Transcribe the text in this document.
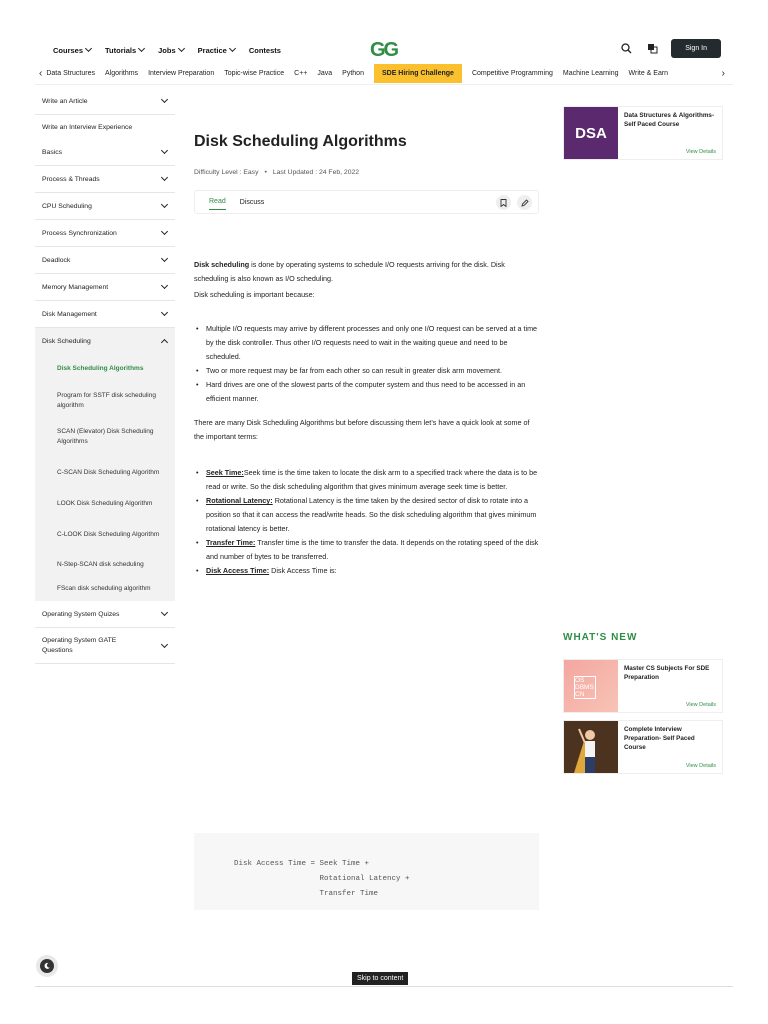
Courses	Tutorials	Jobs	Practice	Contests	GG	Sign In
‹ Data Structures Algorithms Interview Preparation Topic-wise Practice C++ Java Python	SDE Hiring Challenge	Competitive Programming Machine Learning Write & Earn	›
Write an Article
Write an Interview Experience
Basics
Process & Threads
CPU Scheduling
Process Synchronization
Deadlock
Memory Management
Disk Management
Disk Scheduling
Disk Scheduling Algorithms
Program for SSTF disk scheduling algorithm
SCAN (Elevator) Disk Scheduling Algorithms
C-SCAN Disk Scheduling Algorithm
LOOK Disk Scheduling Algorithm
C-LOOK Disk Scheduling Algorithm
N-Step-SCAN disk scheduling
FScan disk scheduling algorithm
Operating System Quizes
Operating System GATE Questions
Disk Scheduling Algorithms
Difficulty Level : Easy • Last Updated : 24 Feb, 2022
Read Discuss
Disk scheduling is done by operating systems to schedule I/O requests arriving for the disk. Disk scheduling is also known as I/O scheduling.
Disk scheduling is important because:
• Multiple I/O requests may arrive by different processes and only one I/O request can be served at a time by the disk controller. Thus other I/O requests need to wait in the waiting queue and need to be scheduled.
• Two or more request may be far from each other so can result in greater disk arm movement.
• Hard drives are one of the slowest parts of the computer system and thus need to be accessed in an efficient manner.
There are many Disk Scheduling Algorithms but before discussing them let’s have a quick look at some of the important terms:
• Seek Time:Seek time is the time taken to locate the disk arm to a specified track where the data is to be read or write. So the disk scheduling algorithm that gives minimum average seek time is better.
• Rotational Latency: Rotational Latency is the time taken by the desired sector of disk to rotate into a position so that it can access the read/write heads. So the disk scheduling algorithm that gives minimum rotational latency is better.
• Transfer Time: Transfer time is the time to transfer the data. It depends on the rotating speed of the disk and number of bytes to be transferred.
• Disk Access Time: Disk Access Time is:
Disk Access Time = Seek Time +
Rotational Latency +
Transfer Time
DSA
Data Structures & Algorithms- Self Paced Course
View Details
WHAT'S NEW
OS DBMS CN
Master CS Subjects For SDE Preparation
View Details
Complete Interview Preparation- Self Paced Course
View Details
Skip to content
